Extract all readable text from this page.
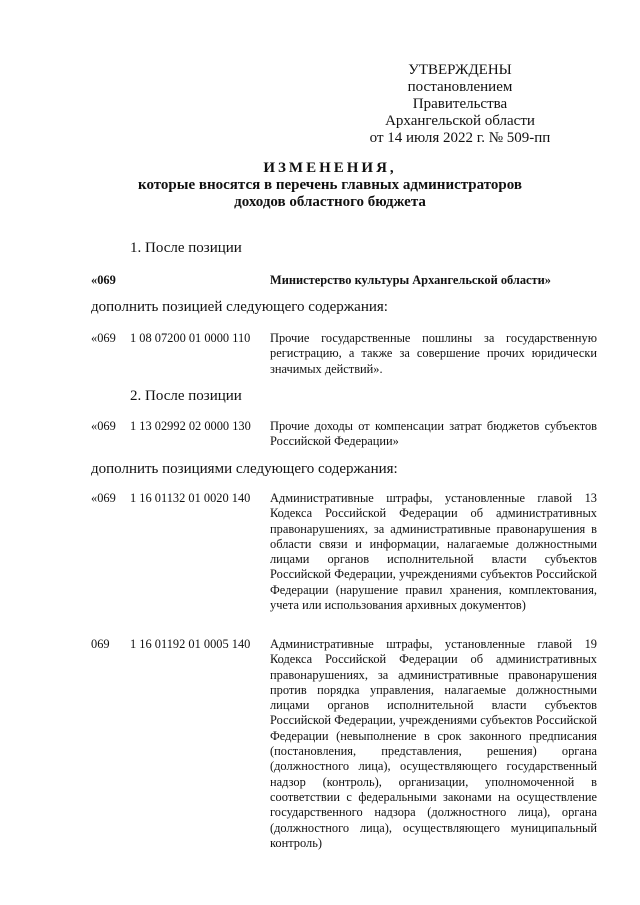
УТВЕРЖДЕНЫ
постановлением Правительства
Архангельской области
от 14 июля 2022 г. № 509-пп
ИЗМЕНЕНИЯ,
которые вносятся в перечень главных администраторов
доходов областного бюджета
1. После позиции
«069	Министерство культуры Архангельской области»
дополнить позицией следующего содержания:
«069 1 08 07200 01 0000 110 Прочие государственные пошлины за государственную регистрацию, а также за совершение прочих юридически значимых действий».
2. После позиции
«069 1 13 02992 02 0000 130 Прочие доходы от компенсации затрат бюджетов субъектов Российской Федерации»
дополнить позициями следующего содержания:
«069 1 16 01132 01 0020 140 Административные штрафы, установленные главой 13 Кодекса Российской Федерации об административных правонарушениях, за административные правонарушения в области связи и информации, налагаемые должностными лицами органов исполнительной власти субъектов Российской Федерации, учреждениями субъектов Российской Федерации (нарушение правил хранения, комплектования, учета или использования архивных документов)
069 1 16 01192 01 0005 140 Административные штрафы, установленные главой 19 Кодекса Российской Федерации об административных правонарушениях, за административные правонарушения против порядка управления, налагаемые должностными лицами органов исполнительной власти субъектов Российской Федерации, учреждениями субъектов Российской Федерации (невыполнение в срок законного предписания (постановления, представления, решения) органа (должностного лица), осуществляющего государственный надзор (контроль), организации, уполномоченной в соответствии с федеральными законами на осуществление государственного надзора (должностного лица), органа (должностного лица), осуществляющего муниципальный контроль)
